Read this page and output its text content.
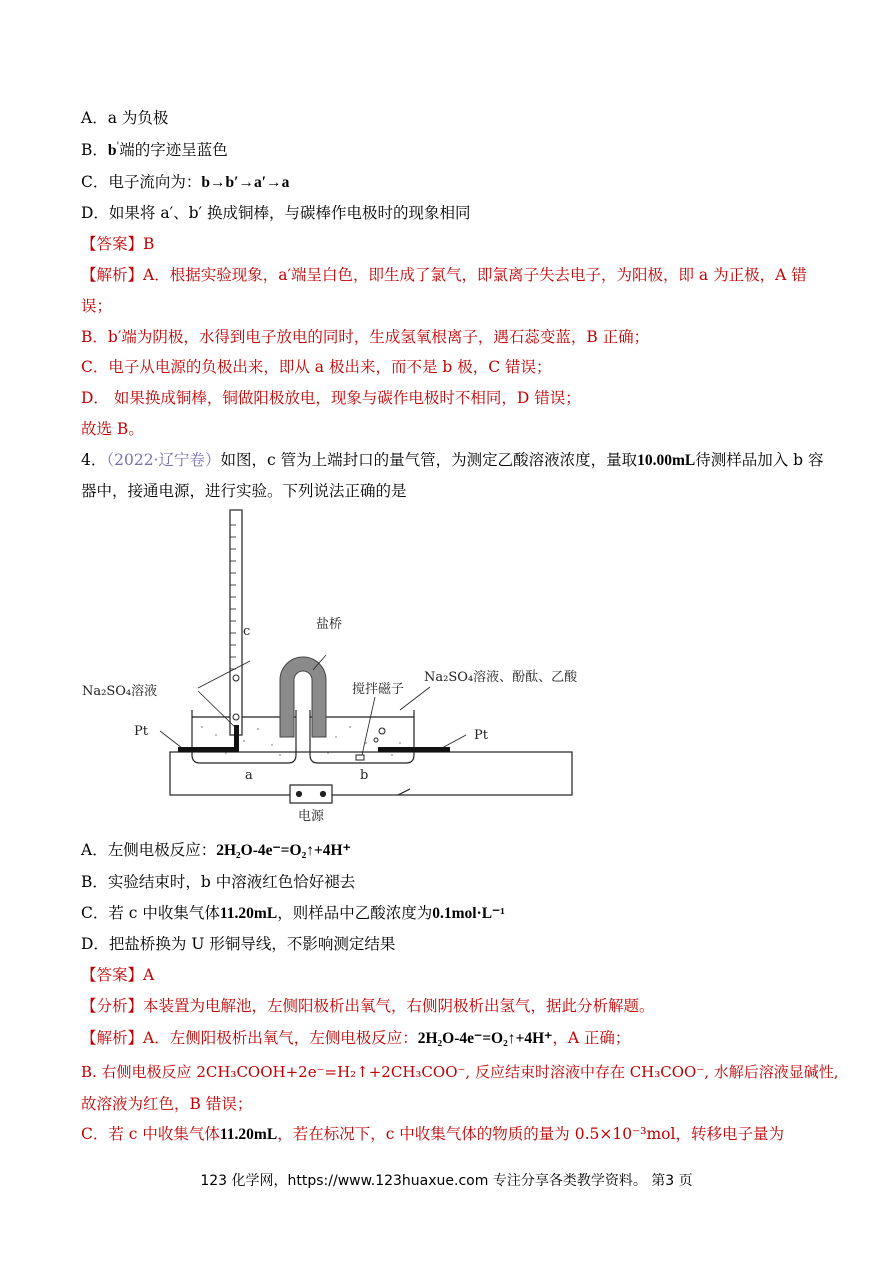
A．a 为负极
B．b'端的字迹呈蓝色
C．电子流向为：b→b′→a′→a
D．如果将 a′、b′ 换成铜棒，与碳棒作电极时的现象相同
【答案】B
【解析】A．根据实验现象，a′端呈白色，即生成了氯气，即氯离子失去电子，为阳极，即 a 为正极，A 错
误；
B．b′端为阴极，水得到电子放电的同时，生成氢氧根离子，遇石蕊变蓝，B 正确；
C．电子从电源的负极出来，即从 a 极出来，而不是 b 极，C 错误；
D． 如果换成铜棒，铜做阳极放电，现象与碳作电极时不相同，D 错误；
故选 B。
4．（2022·辽宁卷）如图，c 管为上端封口的量气管，为测定乙酸溶液浓度，量取10.00mL待测样品加入 b 容
器中，接通电源，进行实验。下列说法正确的是
c	盐桥
Na₂SO₄溶液	搅拌磁子
Na₂SO₄溶液、酚酞、乙酸
Pt	Pt
a	b
电源
A．左侧电极反应：2H₂O-4e⁻=O₂↑+4H⁺
B．实验结束时，b 中溶液红色恰好褪去
C．若 c 中收集气体11.20mL，则样品中乙酸浓度为0.1mol·L⁻¹
D．把盐桥换为 U 形铜导线，不影响测定结果
【答案】A
【分析】本装置为电解池，左侧阳极析出氧气，右侧阴极析出氢气，据此分析解题。
【解析】A．左侧阳极析出氧气，左侧电极反应：2H₂O-4e⁻=O₂↑+4H⁺，A 正确；
B. 右侧电极反应 2CH₃COOH+2e⁻=H₂↑+2CH₃COO⁻, 反应结束时溶液中存在 CH₃COO⁻, 水解后溶液显碱性,
故溶液为红色，B 错误；
C．若 c 中收集气体11.20mL，若在标况下，c 中收集气体的物质的量为 0.5×10⁻³mol，转移电子量为
123 化学网，https://www.123huaxue.com 专注分享各类教学资料。 第3 页
